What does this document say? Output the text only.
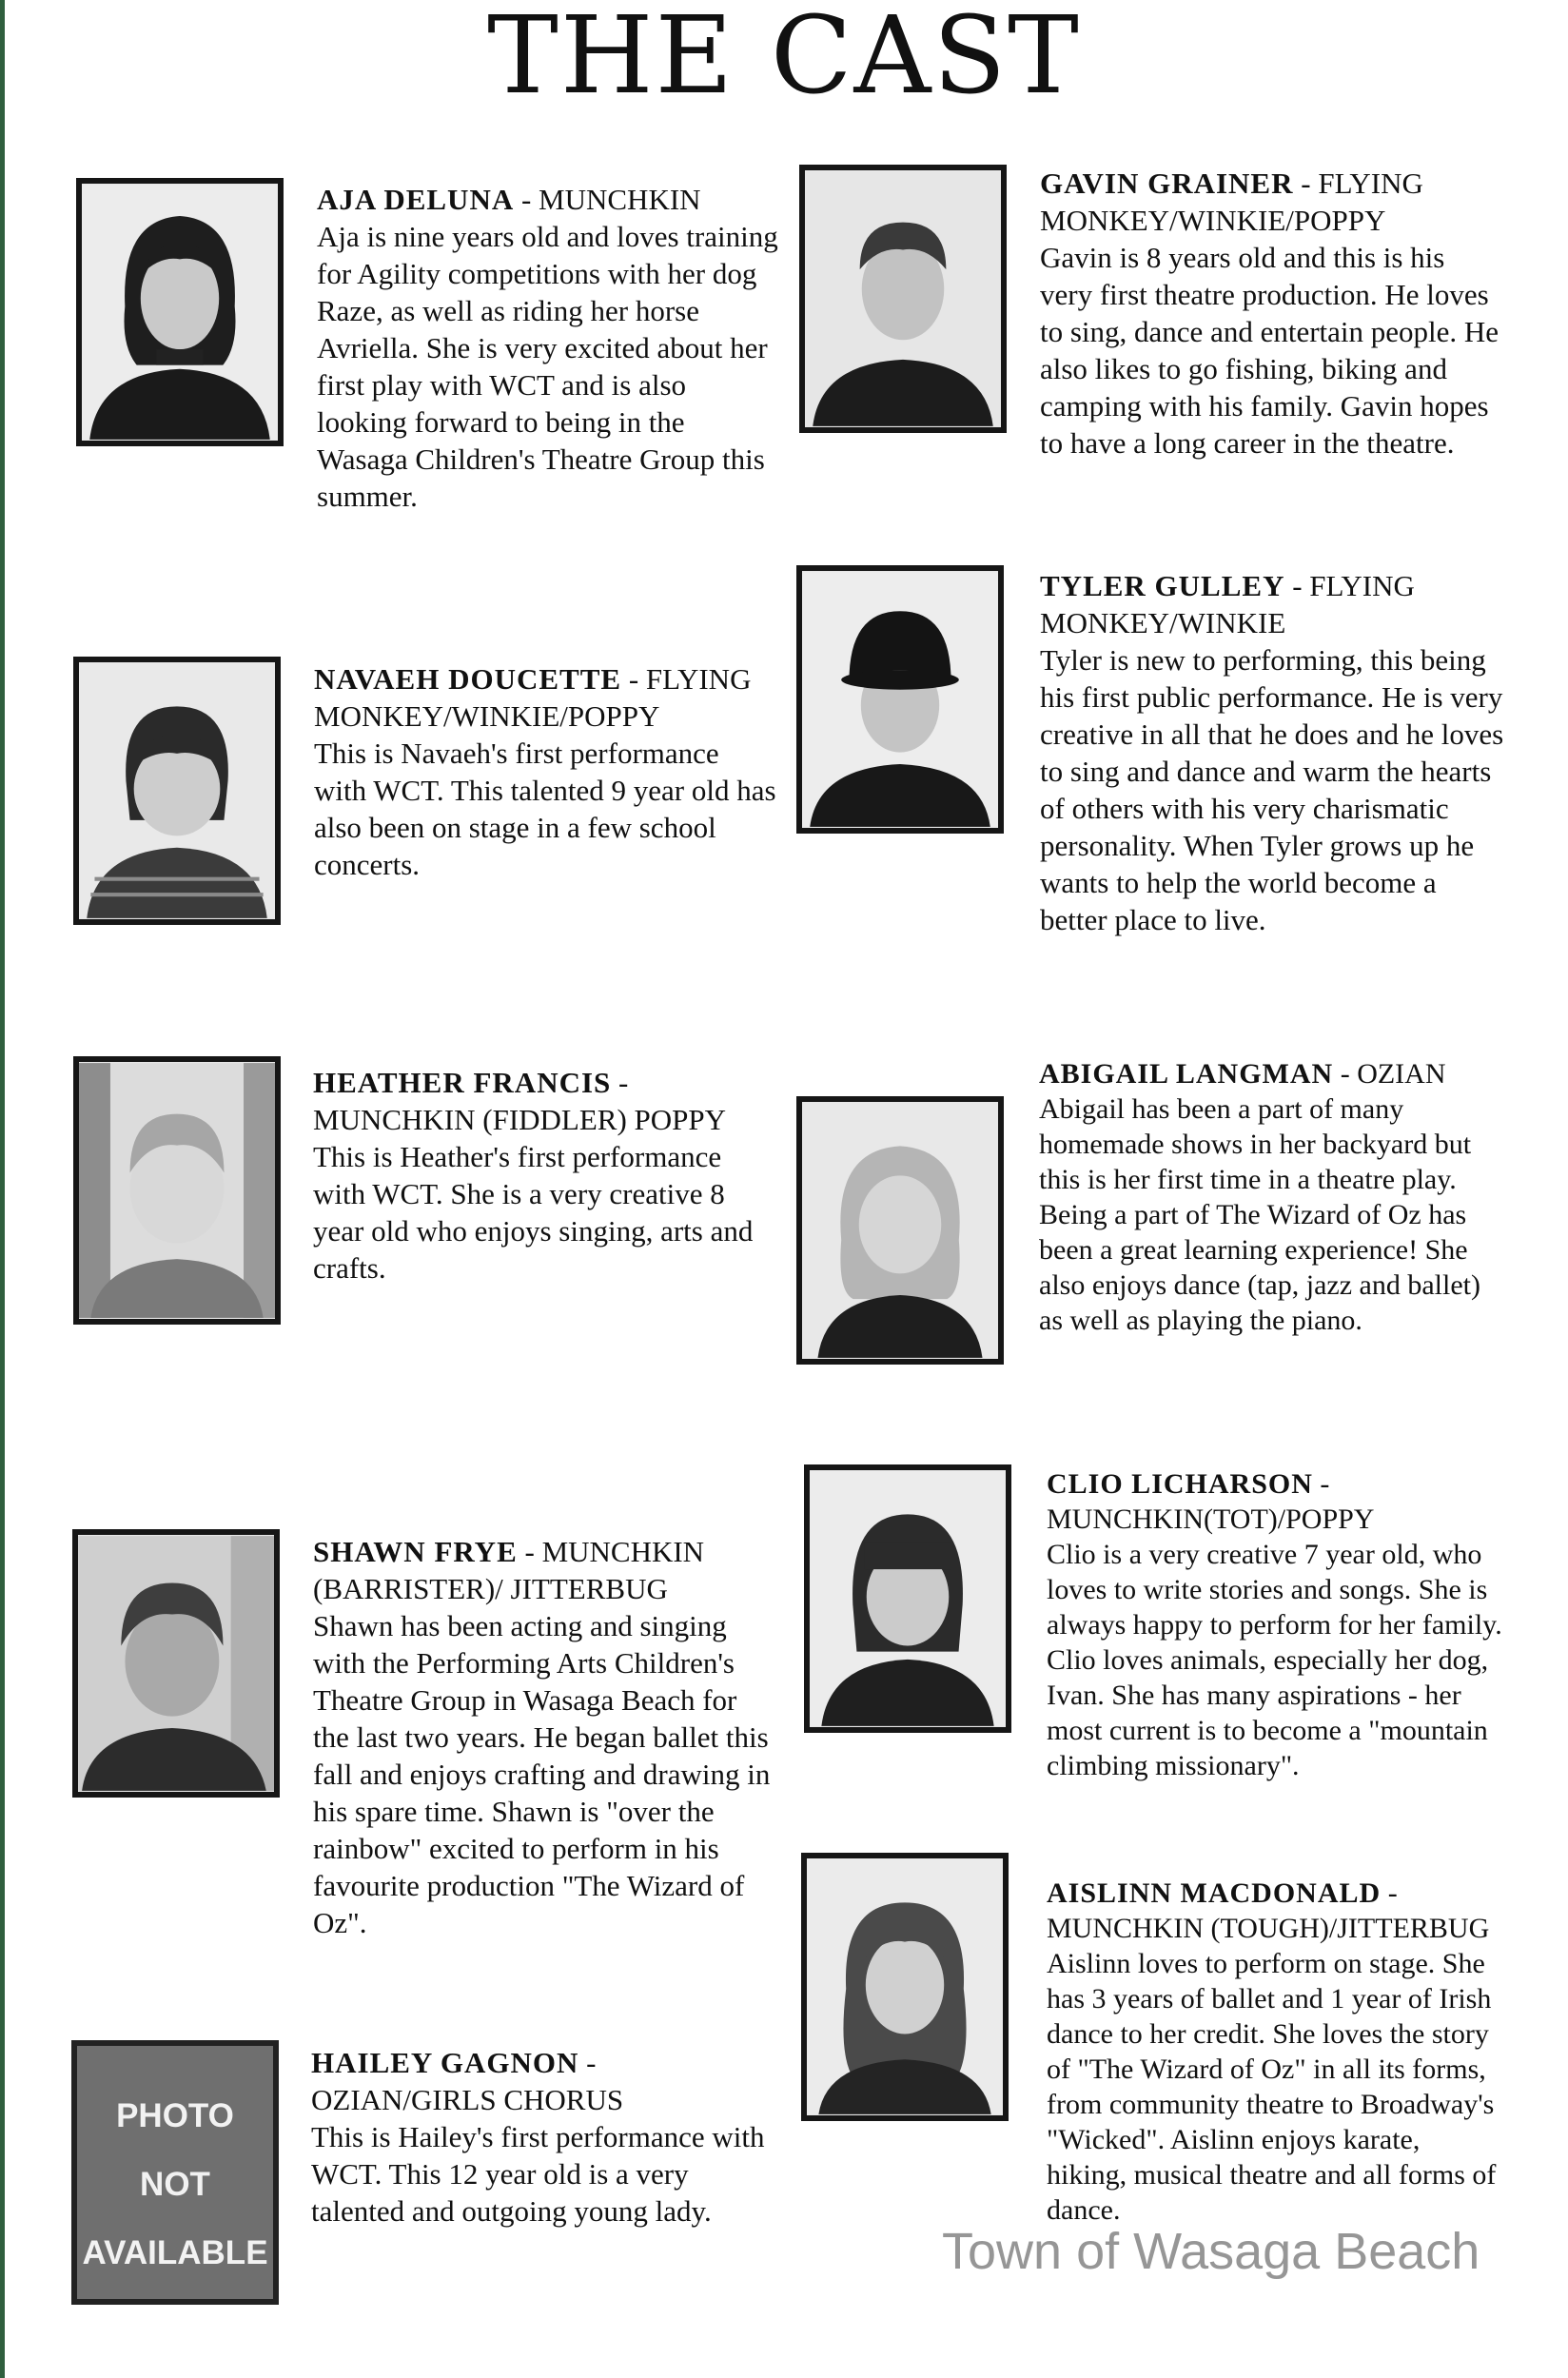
THE CAST
PHOTO
NOT
AVAILABLE
AJA DELUNA - MUNCHKIN
Aja is nine years old and loves training for Agility competitions with her dog Raze, as well as riding her horse Avriella. She is very excited about her first play with WCT and is also looking forward to being in the Wasaga Children's Theatre Group this summer.
GAVIN GRAINER - FLYING MONKEY/WINKIE/POPPY
Gavin is 8 years old and this is his very first theatre production. He loves to sing, dance and entertain people. He also likes to go fishing, biking and camping with his family. Gavin hopes to have a long career in the theatre.
TYLER GULLEY - FLYING MONKEY/WINKIE
Tyler is new to performing, this being his first public performance. He is very creative in all that he does and he loves to sing and dance and warm the hearts of others with his very charismatic personality. When Tyler grows up he wants to help the world become a better place to live.
NAVAEH DOUCETTE - FLYING MONKEY/WINKIE/POPPY
This is Navaeh's first performance with WCT. This talented 9 year old has also been on stage in a few school concerts.
HEATHER FRANCIS - MUNCHKIN (FIDDLER) POPPY
This is Heather's first performance with WCT. She is a very creative 8 year old who enjoys singing, arts and crafts.
ABIGAIL LANGMAN - OZIAN
Abigail has been a part of many homemade shows in her backyard but this is her first time in a theatre play. Being a part of The Wizard of Oz has been a great learning experience! She also enjoys dance (tap, jazz and ballet) as well as playing the piano.
CLIO LICHARSON - MUNCHKIN(TOT)/POPPY
Clio is a very creative 7 year old, who loves to write stories and songs. She is always happy to perform for her family. Clio loves animals, especially her dog, Ivan. She has many aspirations - her most current is to become a "mountain climbing missionary".
SHAWN FRYE - MUNCHKIN (BARRISTER)/ JITTERBUG
Shawn has been acting and singing with the Performing Arts Children's Theatre Group in Wasaga Beach for the last two years. He began ballet this fall and enjoys crafting and drawing in his spare time. Shawn is "over the rainbow" excited to perform in his favourite production "The Wizard of Oz".
AISLINN MACDONALD - MUNCHKIN (TOUGH)/JITTERBUG
Aislinn loves to perform on stage. She has 3 years of ballet and 1 year of Irish dance to her credit. She loves the story of "The Wizard of Oz" in all its forms, from community theatre to Broadway's "Wicked". Aislinn enjoys karate, hiking, musical theatre and all forms of dance.
HAILEY GAGNON - OZIAN/GIRLS CHORUS
This is Hailey's first performance with WCT. This 12 year old is a very talented and outgoing young lady.
Town of Wasaga Beach
